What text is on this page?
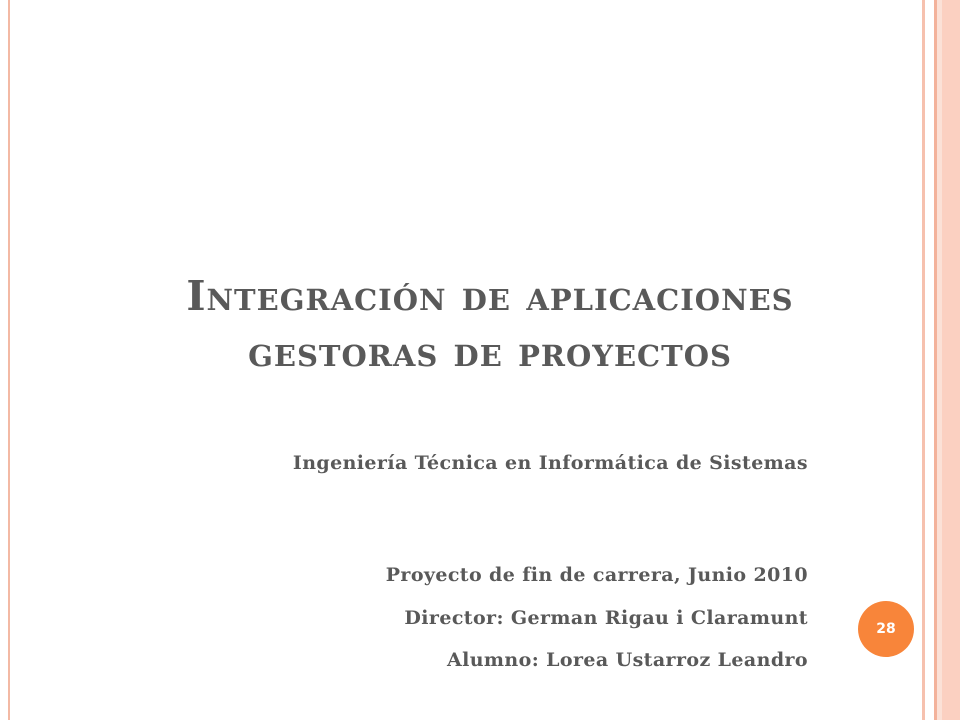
Integración de aplicaciones
gestoras de proyectos
Ingeniería Técnica en Informática de Sistemas
Proyecto de fin de carrera, Junio 2010
Director: German Rigau i Claramunt
Alumno: Lorea Ustarroz Leandro
28
